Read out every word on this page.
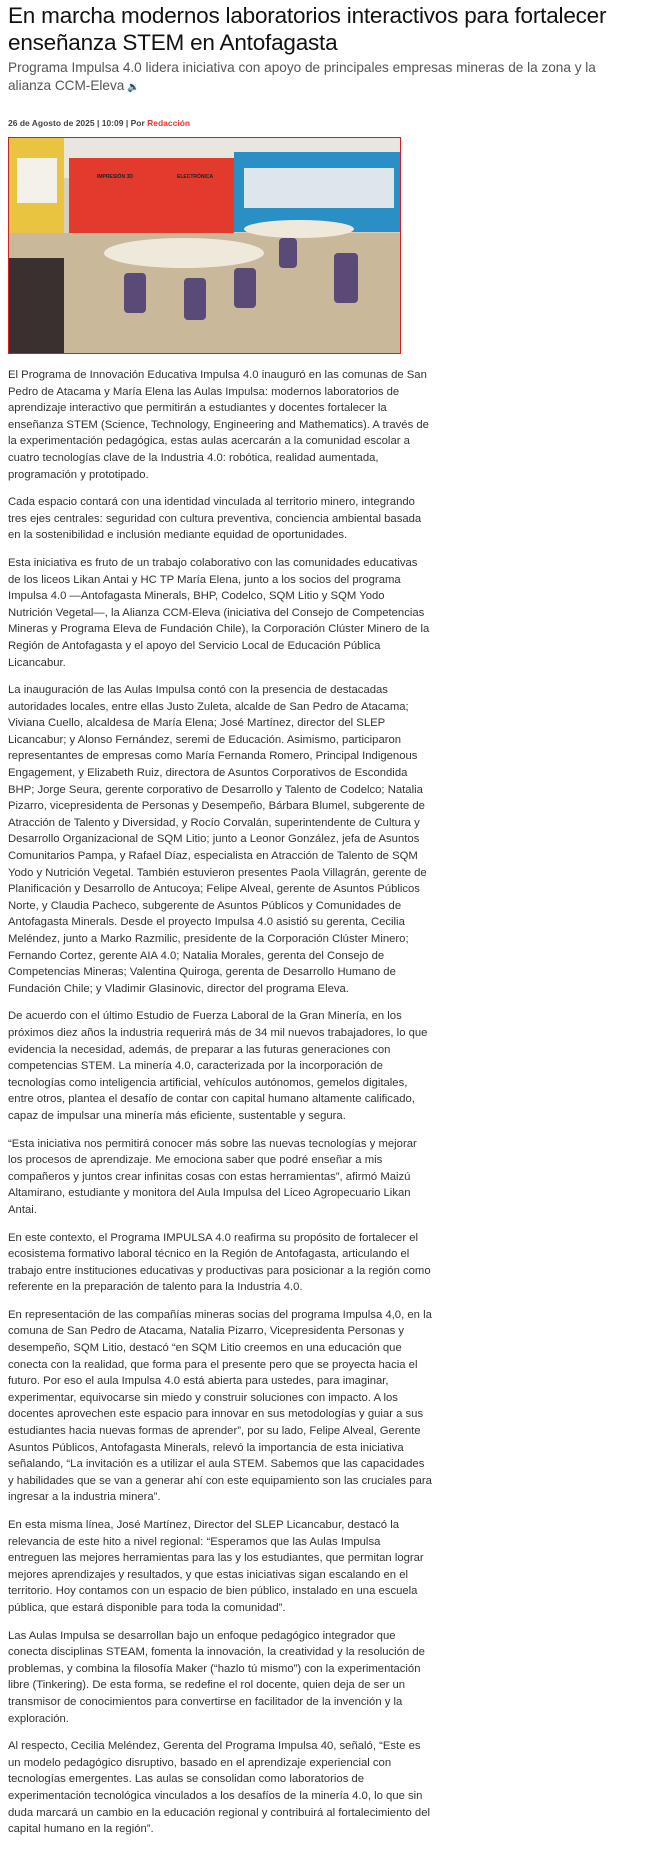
En marcha modernos laboratorios interactivos para fortalecer enseñanza STEM en Antofagasta
Programa Impulsa 4.0 lidera iniciativa con apoyo de principales empresas mineras de la zona y la alianza CCM-Eleva 🔉
26 de Agosto de 2025 | 10:09 | Por Redacción
IMPRESIÓN 3D	ELECTRÓNICA

El Programa de Innovación Educativa Impulsa 4.0 inauguró en las comunas de San Pedro de Atacama y María Elena las Aulas Impulsa: modernos laboratorios de aprendizaje interactivo que permitirán a estudiantes y docentes fortalecer la enseñanza STEM (Science, Technology, Engineering and Mathematics). A través de la experimentación pedagógica, estas aulas acercarán a la comunidad escolar a cuatro tecnologías clave de la Industria 4.0: robótica, realidad aumentada, programación y prototipado.

Cada espacio contará con una identidad vinculada al territorio minero, integrando tres ejes centrales: seguridad con cultura preventiva, conciencia ambiental basada en la sostenibilidad e inclusión mediante equidad de oportunidades.

Esta iniciativa es fruto de un trabajo colaborativo con las comunidades educativas de los liceos Likan Antai y HC TP María Elena, junto a los socios del programa Impulsa 4.0 —Antofagasta Minerals, BHP, Codelco, SQM Litio y SQM Yodo Nutrición Vegetal—, la Alianza CCM-Eleva (iniciativa del Consejo de Competencias Mineras y Programa Eleva de Fundación Chile), la Corporación Clúster Minero de la Región de Antofagasta y el apoyo del Servicio Local de Educación Pública Licancabur.

La inauguración de las Aulas Impulsa contó con la presencia de destacadas autoridades locales, entre ellas Justo Zuleta, alcalde de San Pedro de Atacama; Viviana Cuello, alcaldesa de María Elena; José Martínez, director del SLEP Licancabur; y Alonso Fernández, seremi de Educación. Asimismo, participaron representantes de empresas como María Fernanda Romero, Principal Indigenous Engagement, y Elizabeth Ruiz, directora de Asuntos Corporativos de Escondida BHP; Jorge Seura, gerente corporativo de Desarrollo y Talento de Codelco; Natalia Pizarro, vicepresidenta de Personas y Desempeño, Bárbara Blumel, subgerente de Atracción de Talento y Diversidad, y Rocío Corvalán, superintendente de Cultura y Desarrollo Organizacional de SQM Litio; junto a Leonor González, jefa de Asuntos Comunitarios Pampa, y Rafael Díaz, especialista en Atracción de Talento de SQM Yodo y Nutrición Vegetal. También estuvieron presentes Paola Villagrán, gerente de Planificación y Desarrollo de Antucoya; Felipe Alveal, gerente de Asuntos Públicos Norte, y Claudia Pacheco, subgerente de Asuntos Públicos y Comunidades de Antofagasta Minerals. Desde el proyecto Impulsa 4.0 asistió su gerenta, Cecilia Meléndez, junto a Marko Razmilic, presidente de la Corporación Clúster Minero; Fernando Cortez, gerente AIA 4.0; Natalia Morales, gerenta del Consejo de Competencias Mineras; Valentina Quiroga, gerenta de Desarrollo Humano de Fundación Chile; y Vladimir Glasinovic, director del programa Eleva.

De acuerdo con el último Estudio de Fuerza Laboral de la Gran Minería, en los próximos diez años la industria requerirá más de 34 mil nuevos trabajadores, lo que evidencia la necesidad, además, de preparar a las futuras generaciones con competencias STEM. La minería 4.0, caracterizada por la incorporación de tecnologías como inteligencia artificial, vehículos autónomos, gemelos digitales, entre otros, plantea el desafío de contar con capital humano altamente calificado, capaz de impulsar una minería más eficiente, sustentable y segura.

“Esta iniciativa nos permitirá conocer más sobre las nuevas tecnologías y mejorar los procesos de aprendizaje. Me emociona saber que podré enseñar a mis compañeros y juntos crear infinitas cosas con estas herramientas”, afirmó Maizú Altamirano, estudiante y monitora del Aula Impulsa del Liceo Agropecuario Likan Antai.

En este contexto, el Programa IMPULSA 4.0 reafirma su propósito de fortalecer el ecosistema formativo laboral técnico en la Región de Antofagasta, articulando el trabajo entre instituciones educativas y productivas para posicionar a la región como referente en la preparación de talento para la Industria 4.0.

En representación de las compañías mineras socias del programa Impulsa 4,0, en la comuna de San Pedro de Atacama, Natalia Pizarro, Vicepresidenta Personas y desempeño, SQM Litio, destacó “en SQM Litio creemos en una educación que conecta con la realidad, que forma para el presente pero que se proyecta hacia el futuro. Por eso el aula Impulsa 4.0 está abierta para ustedes, para imaginar, experimentar, equivocarse sin miedo y construir soluciones con impacto. A los docentes aprovechen este espacio para innovar en sus metodologías y guiar a sus estudiantes hacia nuevas formas de aprender”, por su lado, Felipe Alveal, Gerente Asuntos Públicos, Antofagasta Minerals, relevó la importancia de esta iniciativa señalando, “La invitación es a utilizar el aula STEM. Sabemos que las capacidades y habilidades que se van a generar ahí con este equipamiento son las cruciales para ingresar a la industria minera”.

En esta misma línea, José Martínez, Director del SLEP Licancabur, destacó la relevancia de este hito a nivel regional: “Esperamos que las Aulas Impulsa entreguen las mejores herramientas para las y los estudiantes, que permitan lograr mejores aprendizajes y resultados, y que estas iniciativas sigan escalando en el territorio. Hoy contamos con un espacio de bien público, instalado en una escuela pública, que estará disponible para toda la comunidad”.

Las Aulas Impulsa se desarrollan bajo un enfoque pedagógico integrador que conecta disciplinas STEAM, fomenta la innovación, la creatividad y la resolución de problemas, y combina la filosofía Maker (“hazlo tú mismo”) con la experimentación libre (Tinkering). De esta forma, se redefine el rol docente, quien deja de ser un transmisor de conocimientos para convertirse en facilitador de la invención y la exploración.

Al respecto, Cecilia Meléndez, Gerenta del Programa Impulsa 40, señaló, “Este es un modelo pedagógico disruptivo, basado en el aprendizaje experiencial con tecnologías emergentes. Las aulas se consolidan como laboratorios de experimentación tecnológica vinculados a los desafíos de la minería 4.0, lo que sin duda marcará un cambio en la educación regional y contribuirá al fortalecimiento del capital humano en la región”.
